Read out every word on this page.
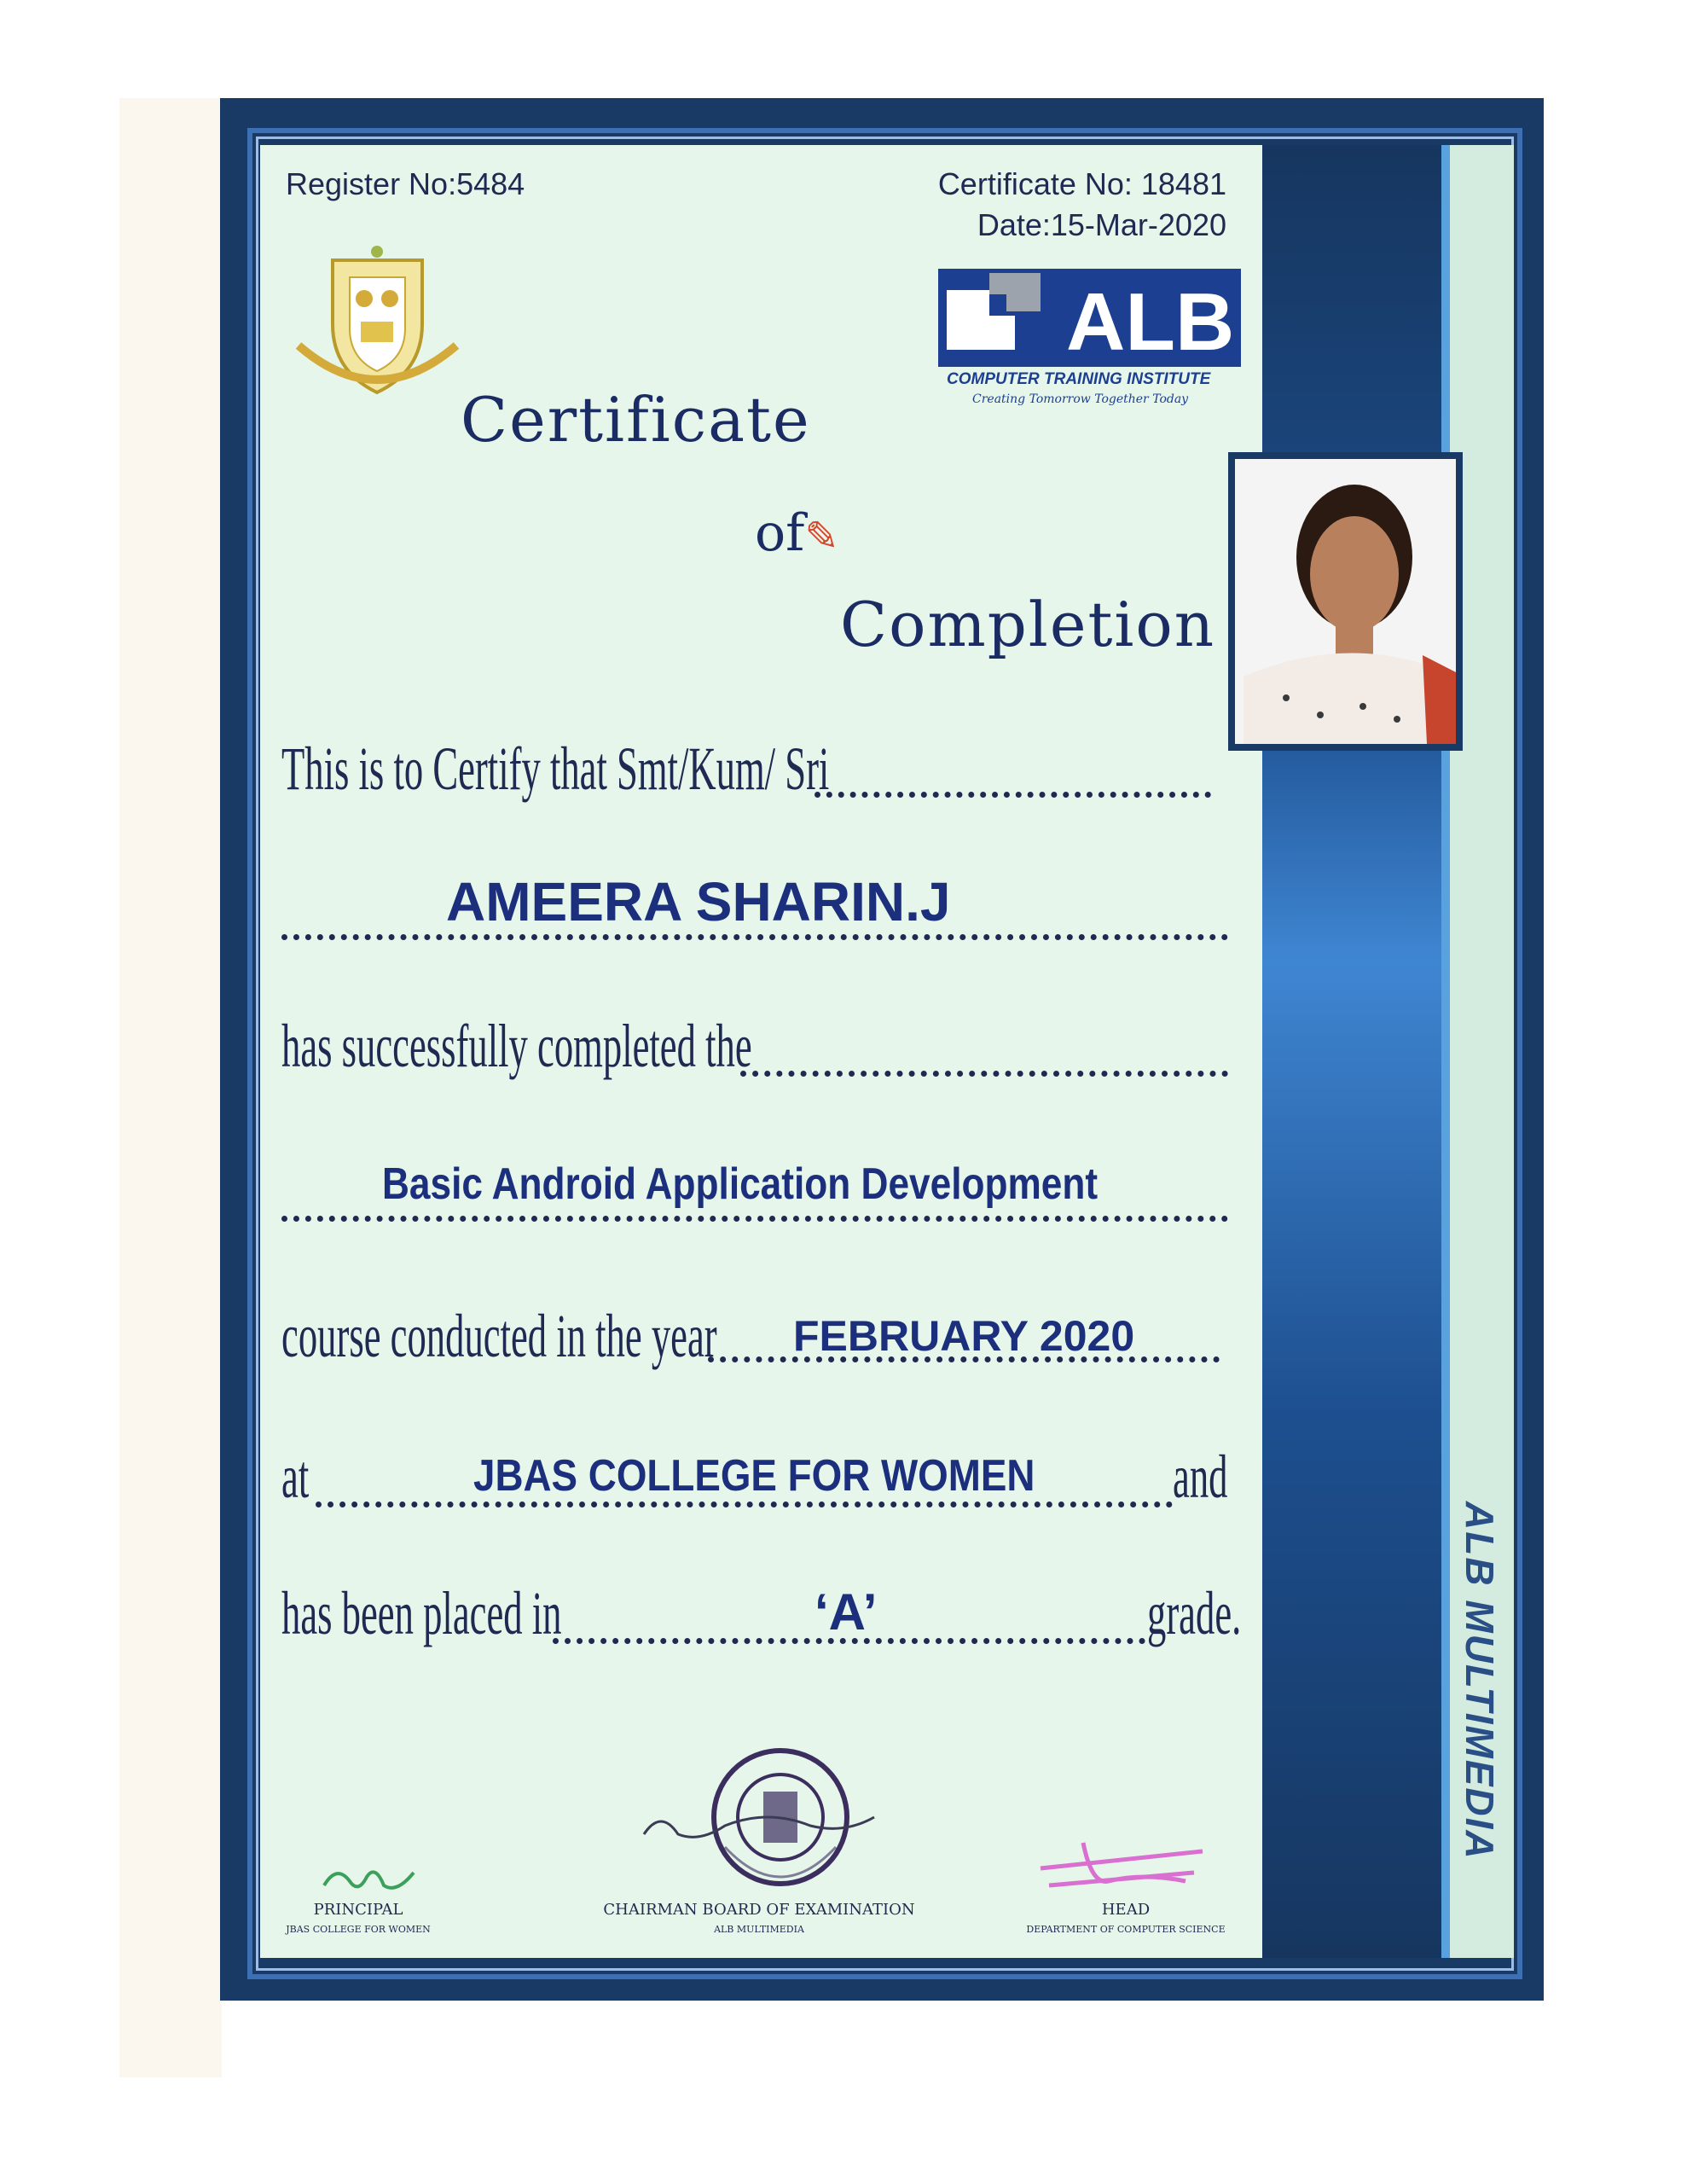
ALB MULTIMEDIA
Register No:5484	Certificate No: 18481
Date:15-Mar-2020
ALB
COMPUTER TRAINING INSTITUTE
Creating Tomorrow Together Today
Certificate
of✎
Completion
This is to Certify that Smt/Kum/ Sri
AMEERA SHARIN.J
has successfully completed the
Basic Android Application Development
course conducted in the year FEBRUARY 2020
at	JBAS COLLEGE FOR WOMEN and
has been placed in	‘A’	grade.
PRINCIPAL
JBAS COLLEGE FOR WOMEN
CHAIRMAN BOARD OF EXAMINATION
ALB MULTIMEDIA
HEAD
DEPARTMENT OF COMPUTER SCIENCE
